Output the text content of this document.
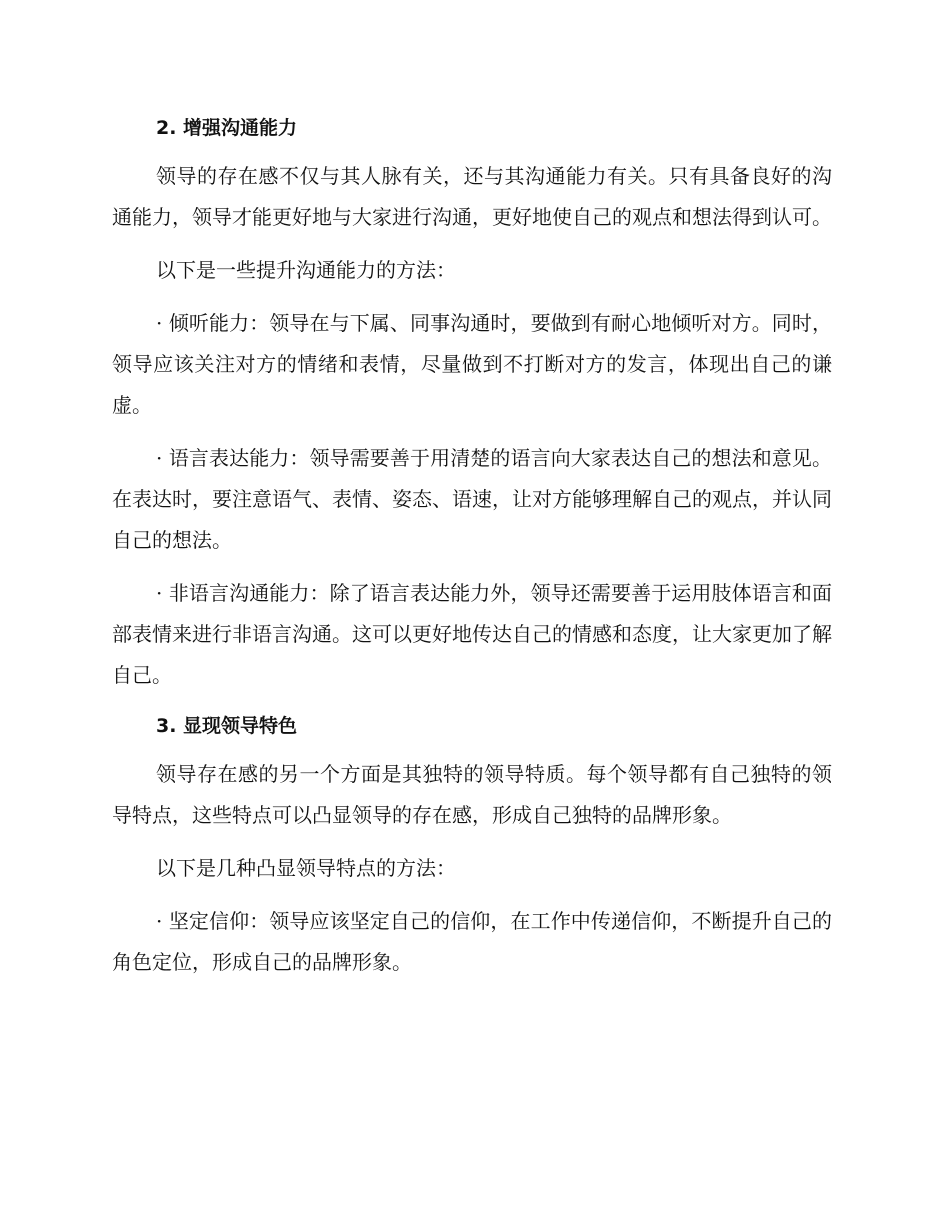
2. 增强沟通能力

领导的存在感不仅与其人脉有关，还与其沟通能力有关。只有具备良好的沟通能力，领导才能更好地与大家进行沟通，更好地使自己的观点和想法得到认可。

以下是一些提升沟通能力的方法：

· 倾听能力：领导在与下属、同事沟通时，要做到有耐心地倾听对方。同时，领导应该关注对方的情绪和表情，尽量做到不打断对方的发言，体现出自己的谦虚。

· 语言表达能力：领导需要善于用清楚的语言向大家表达自己的想法和意见。在表达时，要注意语气、表情、姿态、语速，让对方能够理解自己的观点，并认同自己的想法。

· 非语言沟通能力：除了语言表达能力外，领导还需要善于运用肢体语言和面部表情来进行非语言沟通。这可以更好地传达自己的情感和态度，让大家更加了解自己。

3. 显现领导特色

领导存在感的另一个方面是其独特的领导特质。每个领导都有自己独特的领导特点，这些特点可以凸显领导的存在感，形成自己独特的品牌形象。

以下是几种凸显领导特点的方法：

· 坚定信仰：领导应该坚定自己的信仰，在工作中传递信仰，不断提升自己的角色定位，形成自己的品牌形象。
